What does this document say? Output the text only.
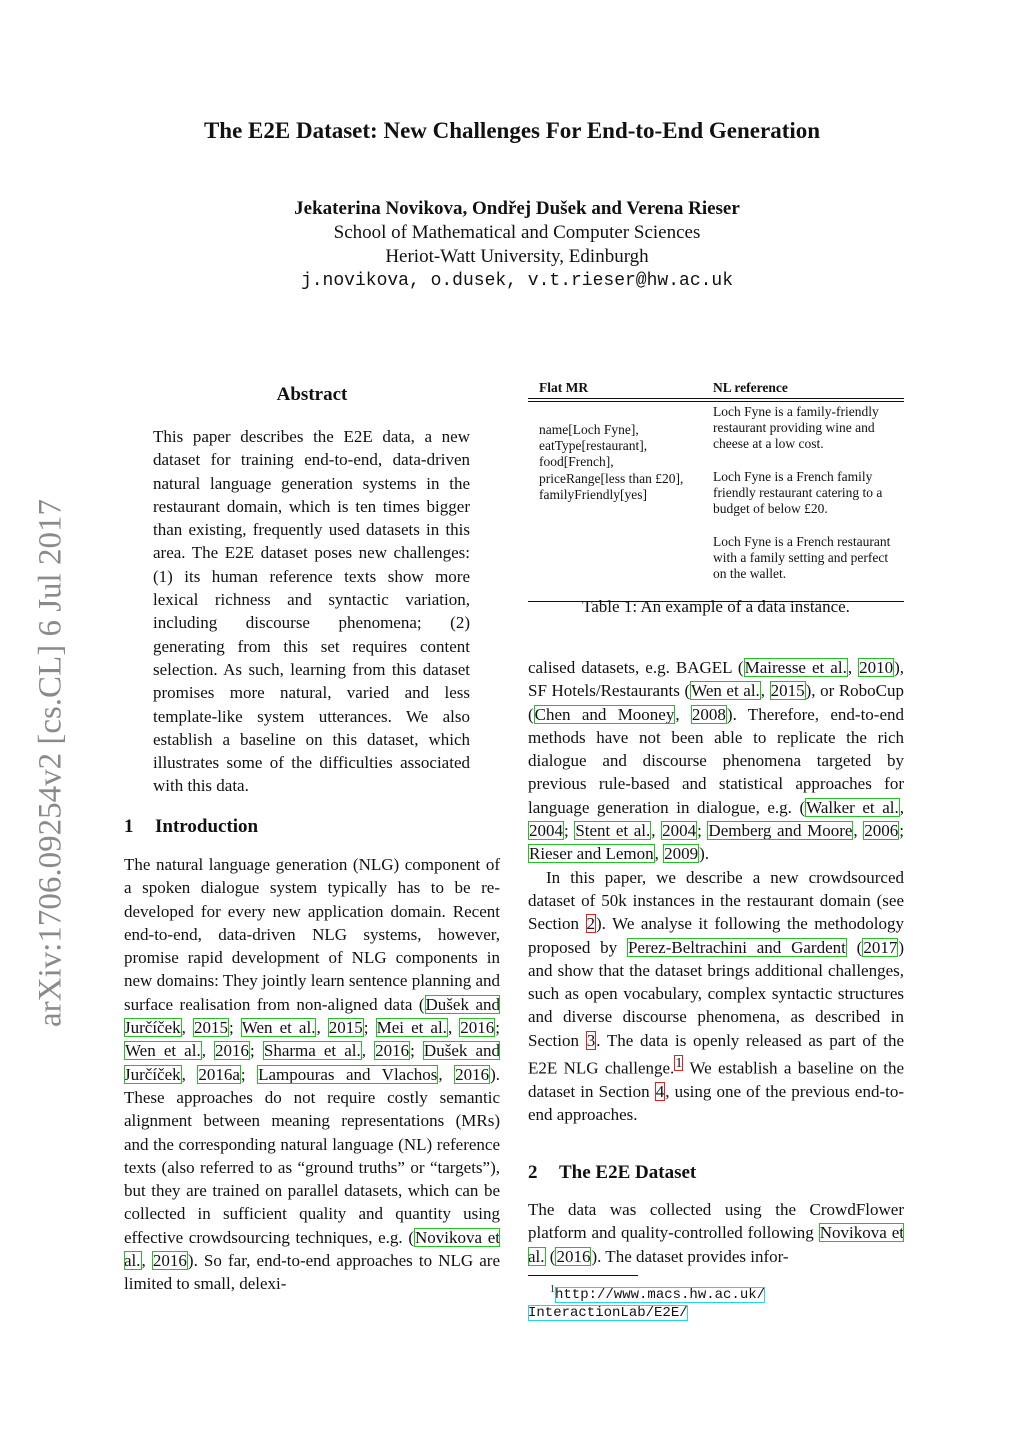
The E2E Dataset: New Challenges For End-to-End Generation
Jekaterina Novikova, Ondřej Dušek and Verena Rieser
School of Mathematical and Computer Sciences
Heriot-Watt University, Edinburgh
j.novikova, o.dusek, v.t.rieser@hw.ac.uk
arXiv:1706.09254v2 [cs.CL] 6 Jul 2017
Abstract
This paper describes the E2E data, a new dataset for training end-to-end, data-driven natural language generation systems in the restaurant domain, which is ten times bigger than existing, frequently used datasets in this area. The E2E dataset poses new challenges: (1) its human reference texts show more lexical richness and syntactic variation, including discourse phenomena; (2) generating from this set requires content selection. As such, learning from this dataset promises more natural, varied and less template-like system utterances. We also establish a baseline on this dataset, which illustrates some of the difficulties associated with this data.
1 Introduction
The natural language generation (NLG) component of a spoken dialogue system typically has to be re-developed for every new application domain. Recent end-to-end, data-driven NLG systems, however, promise rapid development of NLG components in new domains: They jointly learn sentence planning and surface realisation from non-aligned data (Dušek and Jurčíček, 2015; Wen et al., 2015; Mei et al., 2016; Wen et al., 2016; Sharma et al., 2016; Dušek and Jurčíček, 2016a; Lampouras and Vlachos, 2016). These approaches do not require costly semantic alignment between meaning representations (MRs) and the corresponding natural language (NL) reference texts (also referred to as “ground truths” or “targets”), but they are trained on parallel datasets, which can be collected in sufficient quality and quantity using effective crowdsourcing techniques, e.g. (Novikova et al., 2016). So far, end-to-end approaches to NLG are limited to small, delexi-
Flat MR	NL reference
name[Loch Fyne],
eatType[restaurant],
food[French],
priceRange[less than £20],
familyFriendly[yes]
Loch Fyne is a family-friendly restaurant providing wine and cheese at a low cost.
Loch Fyne is a French family friendly restaurant catering to a budget of below £20.
Loch Fyne is a French restaurant with a family setting and perfect on the wallet.
Table 1: An example of a data instance.
calised datasets, e.g. BAGEL (Mairesse et al., 2010), SF Hotels/Restaurants (Wen et al., 2015), or RoboCup (Chen and Mooney, 2008). Therefore, end-to-end methods have not been able to replicate the rich dialogue and discourse phenomena targeted by previous rule-based and statistical approaches for language generation in dialogue, e.g. (Walker et al., 2004; Stent et al., 2004; Demberg and Moore, 2006; Rieser and Lemon, 2009).
In this paper, we describe a new crowdsourced dataset of 50k instances in the restaurant domain (see Section 2). We analyse it following the methodology proposed by Perez-Beltrachini and Gardent (2017) and show that the dataset brings additional challenges, such as open vocabulary, complex syntactic structures and diverse discourse phenomena, as described in Section 3. The data is openly released as part of the E2E NLG challenge.$^1$ We establish a baseline on the dataset in Section 4, using one of the previous end-to-end approaches.
2 The E2E Dataset
The data was collected using the CrowdFlower platform and quality-controlled following Novikova et al. (2016). The dataset provides infor-
$^1$http://www.macs.hw.ac.uk/
InteractionLab/E2E/
